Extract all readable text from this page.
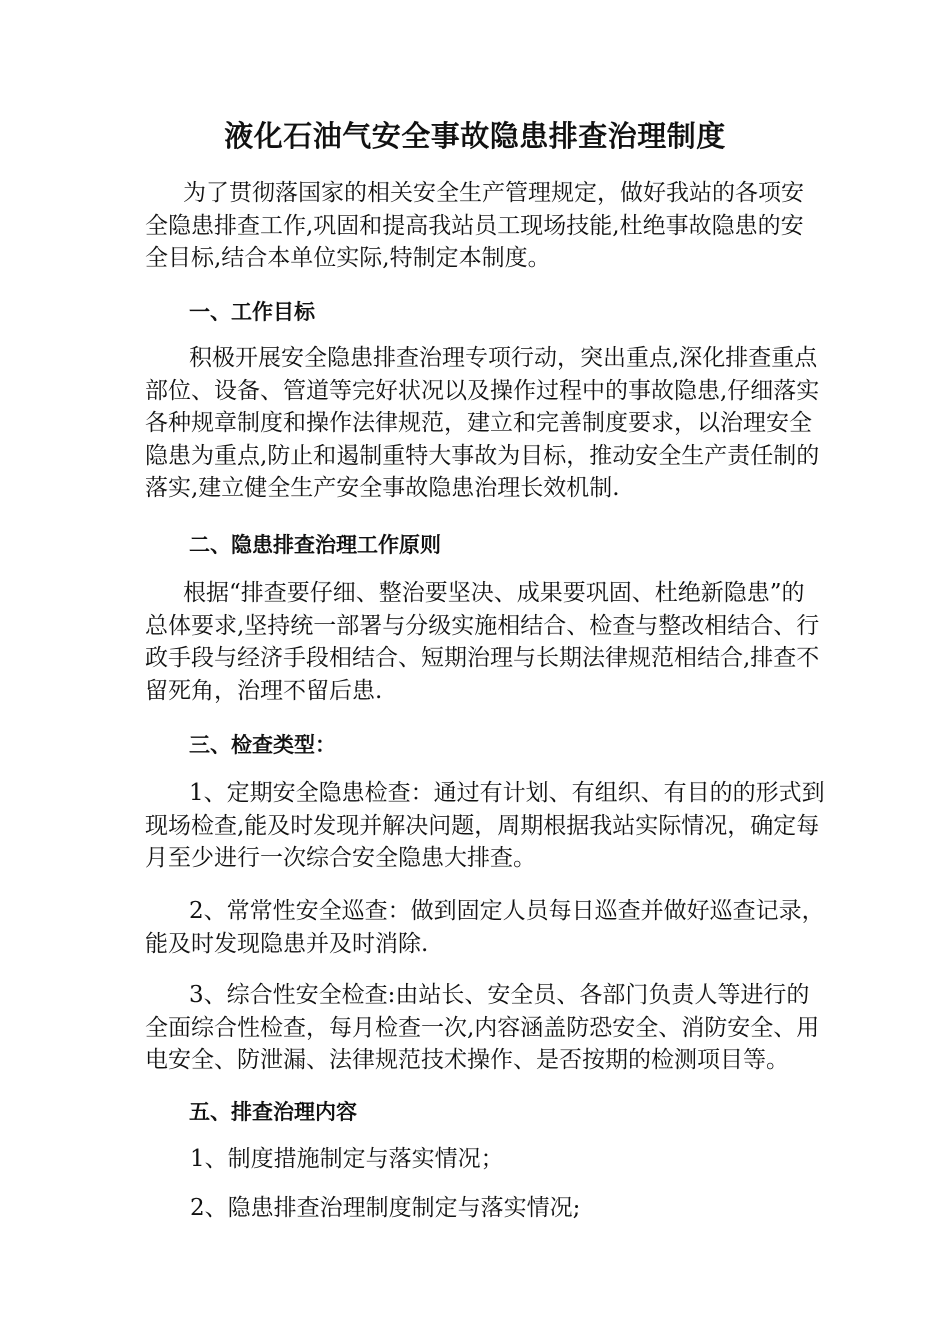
液化石油气安全事故隐患排查治理制度
为了贯彻落国家的相关安全生产管理规定，做好我站的各项安
全隐患排查工作,巩固和提高我站员工现场技能,杜绝事故隐患的安
全目标,结合本单位实际,特制定本制度。
一、工作目标
积极开展安全隐患排查治理专项行动，突出重点,深化排查重点
部位、设备、管道等完好状况以及操作过程中的事故隐患,仔细落实
各种规章制度和操作法律规范，建立和完善制度要求，以治理安全
隐患为重点,防止和遏制重特大事故为目标，推动安全生产责任制的
落实,建立健全生产安全事故隐患治理长效机制.
二、隐患排查治理工作原则
根据“排查要仔细、整治要坚决、成果要巩固、杜绝新隐患”的
总体要求,坚持统一部署与分级实施相结合、检查与整改相结合、行
政手段与经济手段相结合、短期治理与长期法律规范相结合,排查不
留死角，治理不留后患.
三、检查类型：
1、定期安全隐患检查：通过有计划、有组织、有目的的形式到
现场检查,能及时发现并解决问题，周期根据我站实际情况，确定每
月至少进行一次综合安全隐患大排查。
2、常常性安全巡查：做到固定人员每日巡查并做好巡查记录，
能及时发现隐患并及时消除.
3、综合性安全检查:由站长、安全员、各部门负责人等进行的
全面综合性检查，每月检查一次,内容涵盖防恐安全、消防安全、用
电安全、防泄漏、法律规范技术操作、是否按期的检测项目等。
五、排查治理内容

1、制度措施制定与落实情况；

2、隐患排查治理制度制定与落实情况;
